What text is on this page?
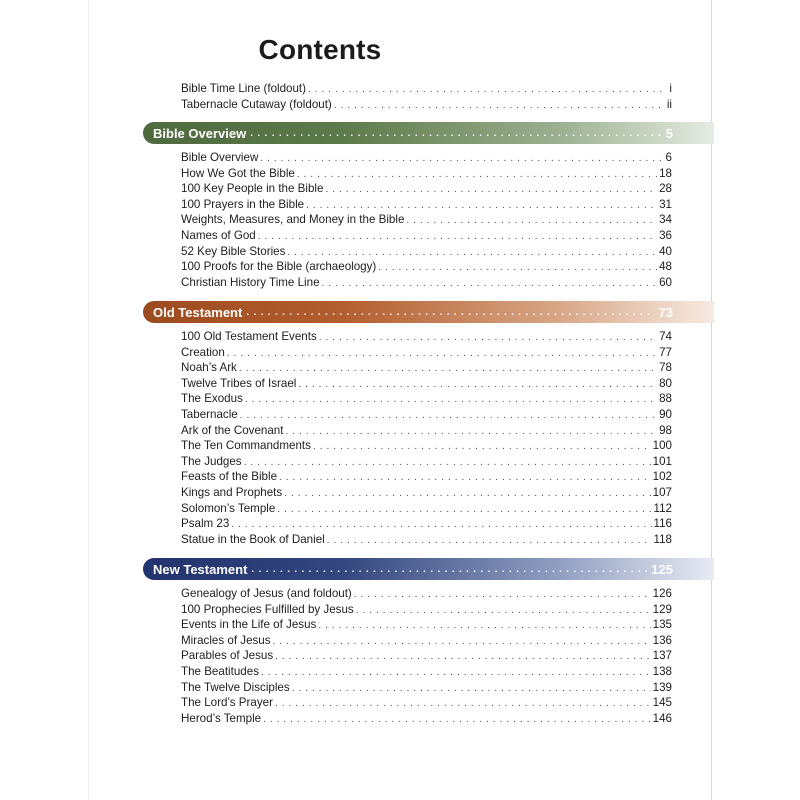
Contents
Bible Time Line (foldout) . . .	i
Tabernacle Cutaway (foldout) . . .	ii
Bible Overview . . .	5
Bible Overview . . .	6
How We Got the Bible . . .	18
100 Key People in the Bible . . .	28
100 Prayers in the Bible . . .	31
Weights, Measures, and Money in the Bible . . .	34
Names of God . . .	36
52 Key Bible Stories . . .	40
100 Proofs for the Bible (archaeology) . . .	48
Christian History Time Line . . .	60
Old Testament . . .	73
100 Old Testament Events . . .	74
Creation . . .	77
Noah’s Ark . . .	78
Twelve Tribes of Israel . . .	80
The Exodus . . .	88
Tabernacle . . .	90
Ark of the Covenant . . .	98
The Ten Commandments . . .	100
The Judges . . .	101
Feasts of the Bible . . .	102
Kings and Prophets . . .	107
Solomon’s Temple . . .	112
Psalm 23 . . .	116
Statue in the Book of Daniel . . .	118
New Testament . . .	125
Genealogy of Jesus (and foldout) . . .	126
100 Prophecies Fulfilled by Jesus . . .	129
Events in the Life of Jesus . . .	135
Miracles of Jesus . . .	136
Parables of Jesus . . .	137
The Beatitudes . . .	138
The Twelve Disciples . . .	139
The Lord’s Prayer . . .	145
Herod’s Temple . . .	146
